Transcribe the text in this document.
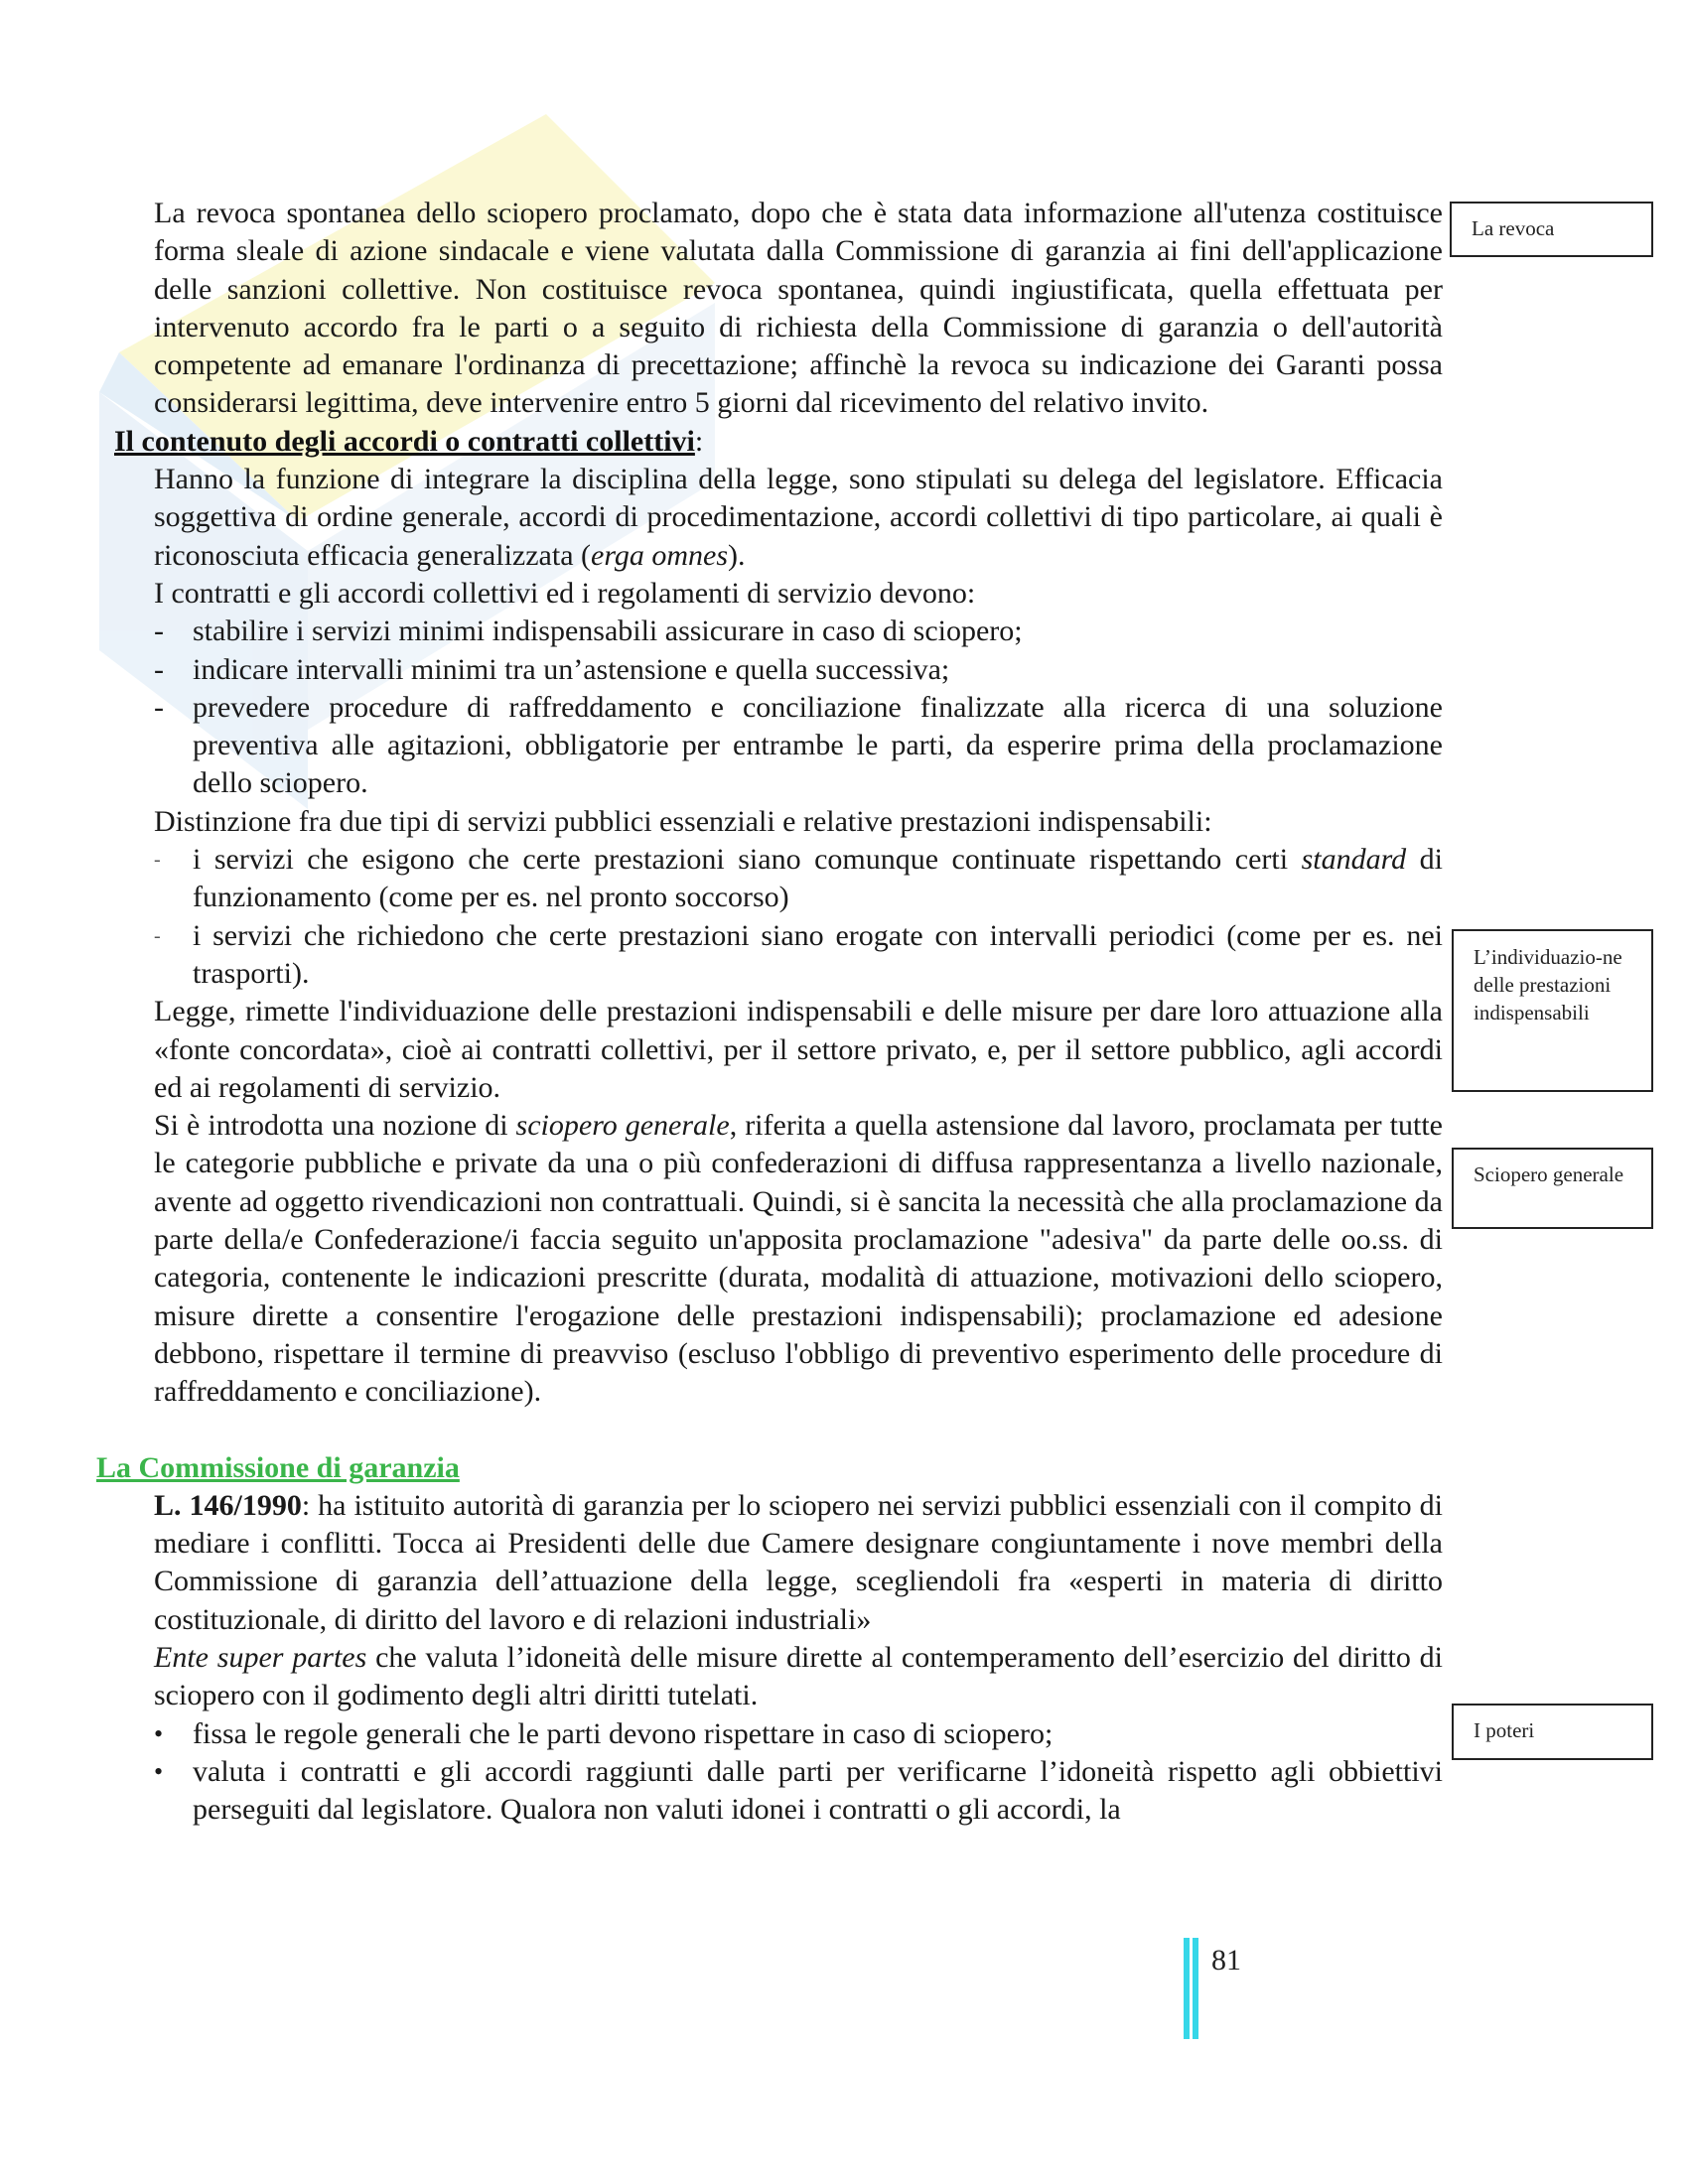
La revoca spontanea dello sciopero proclamato, dopo che è stata data informazione all'utenza costituisce forma sleale di azione sindacale e viene valutata dalla Commissione di garanzia ai fini dell'applicazione delle sanzioni collettive. Non costituisce revoca spontanea, quindi ingiustificata, quella effettuata per intervenuto accordo fra le parti o a seguito di richiesta della Commissione di garanzia o dell'autorità competente ad emanare l'ordinanza di precettazione; affinchè la revoca su indicazione dei Garanti possa considerarsi legittima, deve intervenire entro 5 giorni dal ricevimento del relativo invito.

Il contenuto degli accordi o contratti collettivi:

Hanno la funzione di integrare la disciplina della legge, sono stipulati su delega del legislatore. Efficacia soggettiva di ordine generale, accordi di procedimentazione, accordi collettivi di tipo particolare, ai quali è riconosciuta efficacia generalizzata (erga omnes).

I contratti e gli accordi collettivi ed i regolamenti di servizio devono:

- stabilire i servizi minimi indispensabili assicurare in caso di sciopero;
- indicare intervalli minimi tra un’astensione e quella successiva;
- prevedere procedure di raffreddamento e conciliazione finalizzate alla ricerca di una soluzione preventiva alle agitazioni, obbligatorie per entrambe le parti, da esperire prima della proclamazione dello sciopero.

Distinzione fra due tipi di servizi pubblici essenziali e relative prestazioni indispensabili:

- i servizi che esigono che certe prestazioni siano comunque continuate rispettando certi standard di funzionamento (come per es. nel pronto soccorso)
- i servizi che richiedono che certe prestazioni siano erogate con intervalli periodici (come per es. nei trasporti).

Legge, rimette l'individuazione delle prestazioni indispensabili e delle misure per dare loro attuazione alla «fonte concordata», cioè ai contratti collettivi, per il settore privato, e, per il settore pubblico, agli accordi ed ai regolamenti di servizio.

Si è introdotta una nozione di sciopero generale, riferita a quella astensione dal lavoro, proclamata per tutte le categorie pubbliche e private da una o più confederazioni di diffusa rappresentanza a livello nazionale, avente ad oggetto rivendicazioni non contrattuali. Quindi, si è sancita la necessità che alla proclamazione da parte della/e Confederazione/i faccia seguito un'apposita proclamazione "adesiva" da parte delle oo.ss. di categoria, contenente le indicazioni prescritte (durata, modalità di attuazione, motivazioni dello sciopero, misure dirette a consentire l'erogazione delle prestazioni indispensabili); proclamazione ed adesione debbono, rispettare il termine di preavviso (escluso l'obbligo di preventivo esperimento delle procedure di raffreddamento e conciliazione).

La Commissione di garanzia

L. 146/1990: ha istituito autorità di garanzia per lo sciopero nei servizi pubblici essenziali con il compito di mediare i conflitti. Tocca ai Presidenti delle due Camere designare congiuntamente i nove membri della Commissione di garanzia dell’attuazione della legge, scegliendoli fra «esperti in materia di diritto costituzionale, di diritto del lavoro e di relazioni industriali»

Ente super partes che valuta l’idoneità delle misure dirette al contemperamento dell’esercizio del diritto di sciopero con il godimento degli altri diritti tutelati.

• fissa le regole generali che le parti devono rispettare in caso di sciopero;
• valuta i contratti e gli accordi raggiunti dalle parti per verificarne l’idoneità rispetto agli obbiettivi perseguiti dal legislatore. Qualora non valuti idonei i contratti o gli accordi, la
La revoca
L’individuazio-ne delle prestazioni indispensabili
Sciopero generale
I poteri
81
